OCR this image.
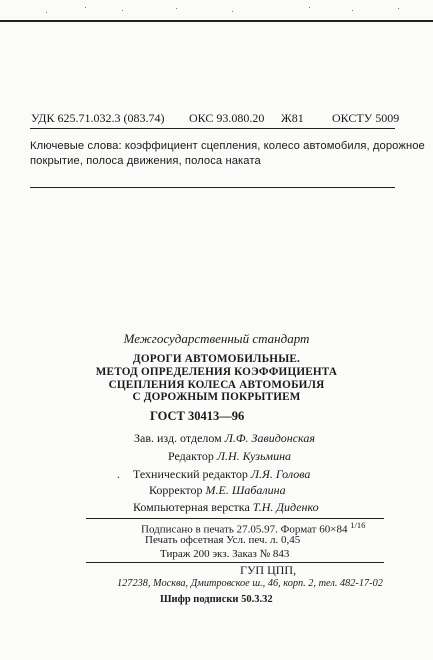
УДК 625.71.032.3 (083.74) ОКС 93.080.20 Ж81 ОКСТУ 5009
Ключевые слова: коэффициент сцепления, колесо автомобиля, дорожное
покрытие, полоса движения, полоса наката
Межгосударственный стандарт
ДОРОГИ АВТОМОБИЛЬНЫЕ.
МЕТОД ОПРЕДЕЛЕНИЯ КОЭФФИЦИЕНТА
СЦЕПЛЕНИЯ КОЛЕСА АВТОМОБИЛЯ
С ДОРОЖНЫМ ПОКРЫТИЕМ
ГОСТ 30413—96
Зав. изд. отделом Л.Ф. Завидонская
Редактор Л.Н. Кузьмина
. Технический редактор Л.Я. Голова
Корректор М.Е. Шабалина
Компьютерная верстка Т.Н. Диденко
Подписано в печать 27.05.97. Формат 60×84 $^{1/16}$
Печать офсетная Усл. печ. л. 0,45
Тираж 200 экз. Заказ № 843
ГУП ЦПП,
127238, Москва, Дмитровское ш., 46, корп. 2, тел. 482-17-02
Шифр подписки 50.3.32
